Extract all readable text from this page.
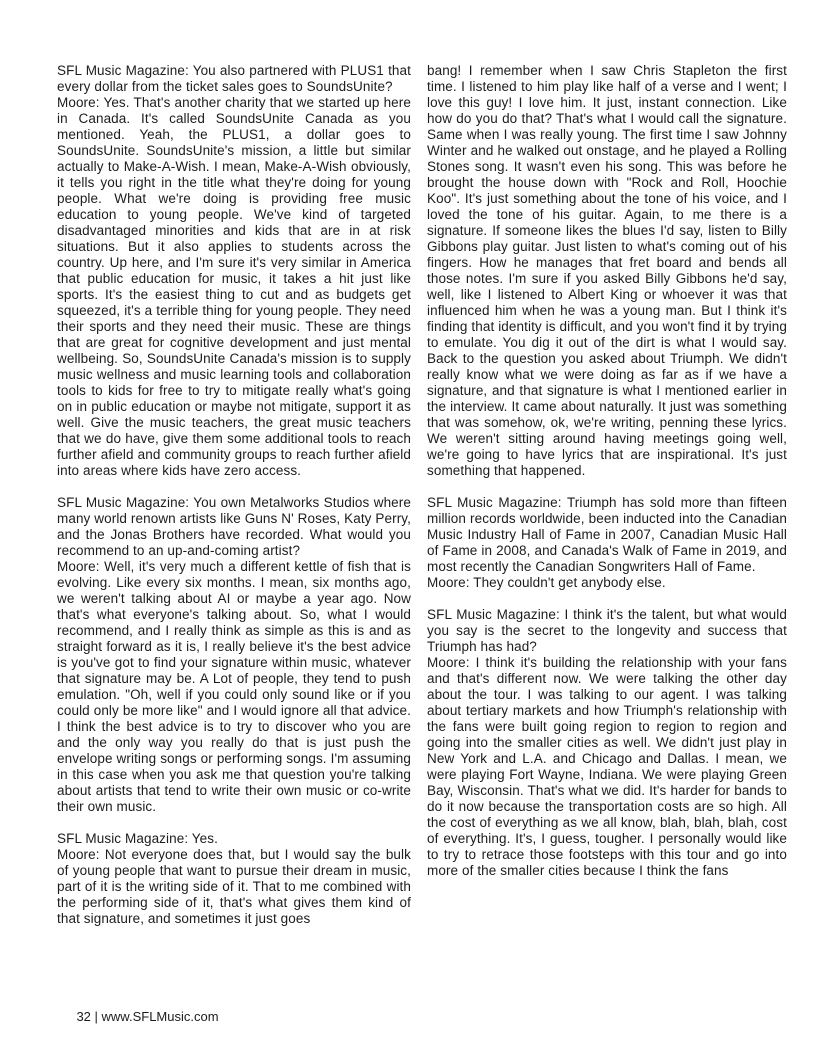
SFL Music Magazine: You also partnered with PLUS1 that every dollar from the ticket sales goes to SoundsUnite?

Moore: Yes. That's another charity that we started up here in Canada. It's called SoundsUnite Canada as you mentioned. Yeah, the PLUS1, a dollar goes to SoundsUnite. SoundsUnite's mission, a little but similar actually to Make-A-Wish. I mean, Make-A-Wish obviously, it tells you right in the title what they're doing for young people. What we're doing is providing free music education to young people. We've kind of targeted disadvantaged minorities and kids that are in at risk situations. But it also applies to students across the country. Up here, and I'm sure it's very similar in America that public education for music, it takes a hit just like sports. It's the easiest thing to cut and as budgets get squeezed, it's a terrible thing for young people. They need their sports and they need their music. These are things that are great for cognitive development and just mental wellbeing. So, SoundsUnite Canada's mission is to supply music wellness and music learning tools and collaboration tools to kids for free to try to mitigate really what's going on in public education or maybe not mitigate, support it as well. Give the music teachers, the great music teachers that we do have, give them some additional tools to reach further afield and community groups to reach further afield into areas where kids have zero access.

SFL Music Magazine: You own Metalworks Studios where many world renown artists like Guns N' Roses, Katy Perry, and the Jonas Brothers have recorded. What would you recommend to an up-and-coming artist?

Moore: Well, it's very much a different kettle of fish that is evolving. Like every six months. I mean, six months ago, we weren't talking about AI or maybe a year ago. Now that's what everyone's talking about. So, what I would recommend, and I really think as simple as this is and as straight forward as it is, I really believe it's the best advice is you've got to find your signature within music, whatever that signature may be. A Lot of people, they tend to push emulation. "Oh, well if you could only sound like or if you could only be more like" and I would ignore all that advice. I think the best advice is to try to discover who you are and the only way you really do that is just push the envelope writing songs or performing songs. I'm assuming in this case when you ask me that question you're talking about artists that tend to write their own music or co-write their own music.

SFL Music Magazine: Yes.

Moore: Not everyone does that, but I would say the bulk of young people that want to pursue their dream in music, part of it is the writing side of it. That to me combined with the performing side of it, that's what gives them kind of that signature, and sometimes it just goes

bang! I remember when I saw Chris Stapleton the first time. I listened to him play like half of a verse and I went; I love this guy! I love him. It just, instant connection. Like how do you do that? That's what I would call the signature. Same when I was really young. The first time I saw Johnny Winter and he walked out onstage, and he played a Rolling Stones song. It wasn't even his song. This was before he brought the house down with "Rock and Roll, Hoochie Koo". It's just something about the tone of his voice, and I loved the tone of his guitar. Again, to me there is a signature. If someone likes the blues I'd say, listen to Billy Gibbons play guitar. Just listen to what's coming out of his fingers. How he manages that fret board and bends all those notes. I'm sure if you asked Billy Gibbons he'd say, well, like I listened to Albert King or whoever it was that influenced him when he was a young man. But I think it's finding that identity is difficult, and you won't find it by trying to emulate. You dig it out of the dirt is what I would say. Back to the question you asked about Triumph. We didn't really know what we were doing as far as if we have a signature, and that signature is what I mentioned earlier in the interview. It came about naturally. It just was something that was somehow, ok, we're writing, penning these lyrics. We weren't sitting around having meetings going well, we're going to have lyrics that are inspirational. It's just something that happened.

SFL Music Magazine: Triumph has sold more than fifteen million records worldwide, been inducted into the Canadian Music Industry Hall of Fame in 2007, Canadian Music Hall of Fame in 2008, and Canada's Walk of Fame in 2019, and most recently the Canadian Songwriters Hall of Fame.

Moore: They couldn't get anybody else.

SFL Music Magazine: I think it's the talent, but what would you say is the secret to the longevity and success that Triumph has had?

Moore: I think it's building the relationship with your fans and that's different now. We were talking the other day about the tour. I was talking to our agent. I was talking about tertiary markets and how Triumph's relationship with the fans were built going region to region to region and going into the smaller cities as well. We didn't just play in New York and L.A. and Chicago and Dallas. I mean, we were playing Fort Wayne, Indiana. We were playing Green Bay, Wisconsin. That's what we did. It's harder for bands to do it now because the transportation costs are so high. All the cost of everything as we all know, blah, blah, blah, cost of everything. It's, I guess, tougher. I personally would like to try to retrace those footsteps with this tour and go into more of the smaller cities because I think the fans

32 | www.SFLMusic.com
